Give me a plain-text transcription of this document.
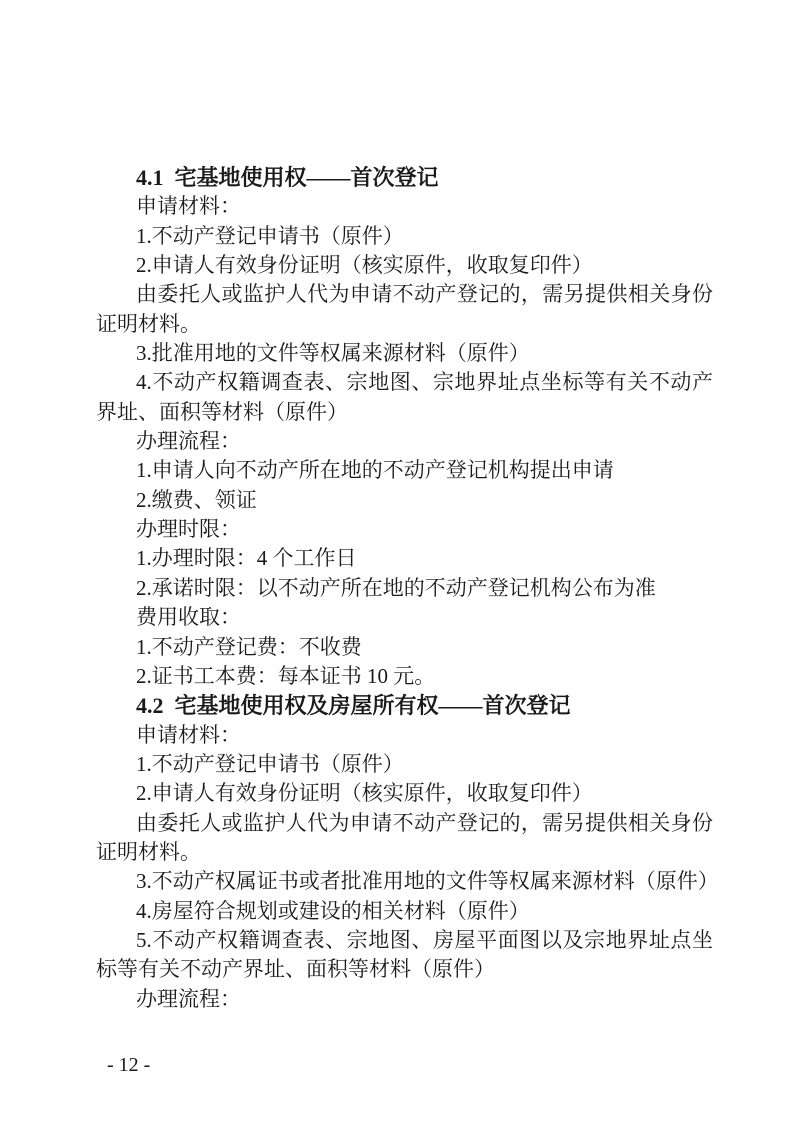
4.1  宅基地使用权——首次登记

申请材料：

1.不动产登记申请书（原件）

2.申请人有效身份证明（核实原件，收取复印件）

由委托人或监护人代为申请不动产登记的，需另提供相关身份

证明材料。

3.批准用地的文件等权属来源材料（原件）

4.不动产权籍调查表、宗地图、宗地界址点坐标等有关不动产

界址、面积等材料（原件）

办理流程：

1.申请人向不动产所在地的不动产登记机构提出申请

2.缴费、领证

办理时限：

1.办理时限：4 个工作日

2.承诺时限：以不动产所在地的不动产登记机构公布为准

费用收取：

1.不动产登记费：不收费

2.证书工本费：每本证书 10 元。

4.2  宅基地使用权及房屋所有权——首次登记

申请材料：

1.不动产登记申请书（原件）

2.申请人有效身份证明（核实原件，收取复印件）

由委托人或监护人代为申请不动产登记的，需另提供相关身份

证明材料。

3.不动产权属证书或者批准用地的文件等权属来源材料（原件）

4.房屋符合规划或建设的相关材料（原件）

5.不动产权籍调查表、宗地图、房屋平面图以及宗地界址点坐

标等有关不动产界址、面积等材料（原件）

办理流程：

- 12 -
